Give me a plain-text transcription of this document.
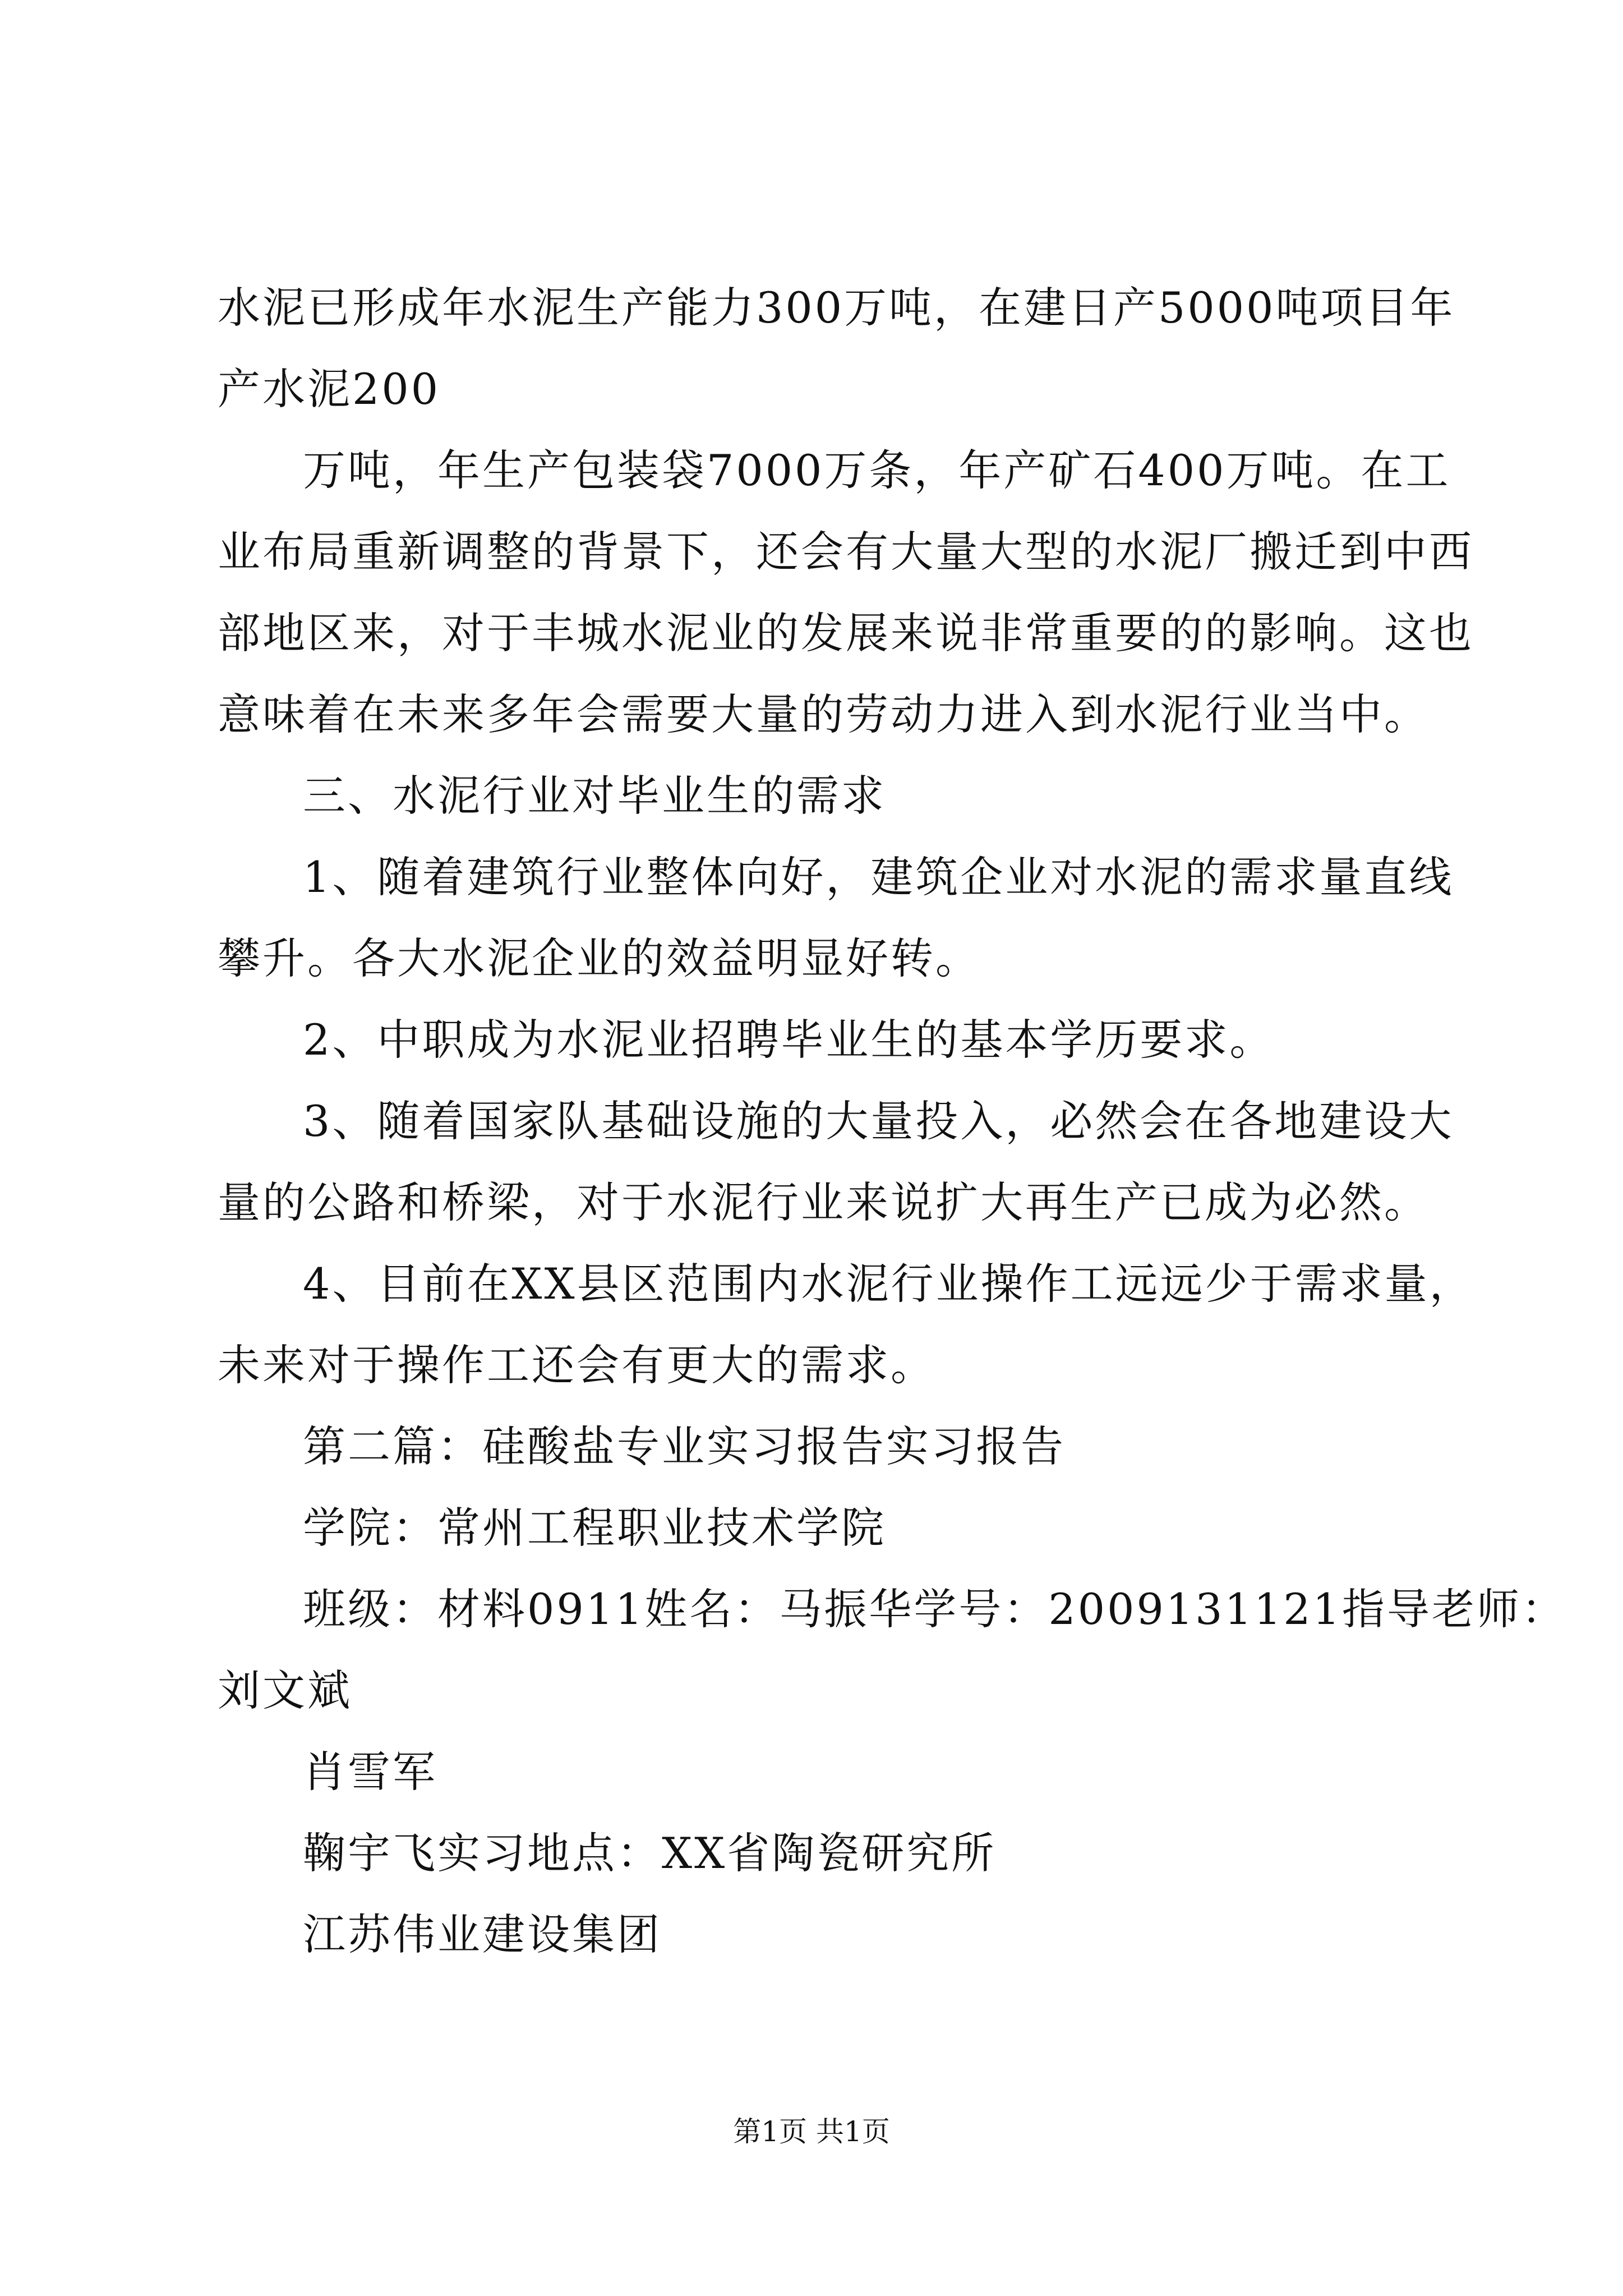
水泥已形成年水泥生产能力300万吨，在建日产5000吨项目年
产水泥200
万吨，年生产包装袋7000万条，年产矿石400万吨。在工
业布局重新调整的背景下，还会有大量大型的水泥厂搬迁到中西
部地区来，对于丰城水泥业的发展来说非常重要的的影响。这也
意味着在未来多年会需要大量的劳动力进入到水泥行业当中。
三、水泥行业对毕业生的需求
1、随着建筑行业整体向好，建筑企业对水泥的需求量直线
攀升。各大水泥企业的效益明显好转。
2、中职成为水泥业招聘毕业生的基本学历要求。
3、随着国家队基础设施的大量投入，必然会在各地建设大
量的公路和桥梁，对于水泥行业来说扩大再生产已成为必然。
4、目前在XX县区范围内水泥行业操作工远远少于需求量，
未来对于操作工还会有更大的需求。
第二篇：硅酸盐专业实习报告实习报告
学院：常州工程职业技术学院
班级：材料0911姓名：马振华学号：2009131121指导老师：
刘文斌
肖雪军
鞠宇飞实习地点：XX省陶瓷研究所
江苏伟业建设集团
第1页 共1页
